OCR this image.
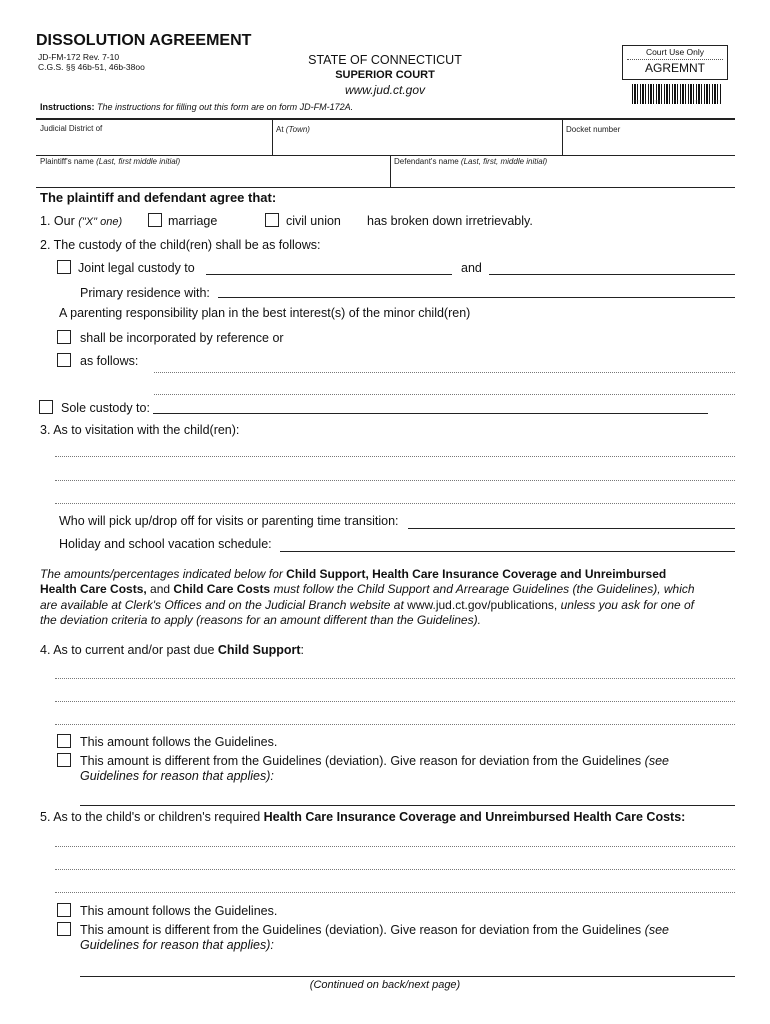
DISSOLUTION AGREEMENT
JD-FM-172 Rev. 7-10
C.G.S. §§ 46b-51, 46b-38oo	STATE OF CONNECTICUT
SUPERIOR COURT
www.jud.ct.gov
Court Use Only
AGREMNT
Instructions: The instructions for filling out this form are on form JD-FM-172A.
Judicial District of	At (Town)	Docket number
Plaintiff's name (Last, first middle initial)	Defendant's name (Last, first, middle initial)
The plaintiff and defendant agree that:
1. Our ("X" one)	marriage	civil union has broken down irretrievably.
2. The custody of the child(ren) shall be as follows:
Joint legal custody to	and
Primary residence with:
A parenting responsibility plan in the best interest(s) of the minor child(ren)
shall be incorporated by reference or
as follows:
Sole custody to:
3. As to visitation with the child(ren):
Who will pick up/drop off for visits or parenting time transition:
Holiday and school vacation schedule:
The amounts/percentages indicated below for Child Support, Health Care Insurance Coverage and Unreimbursed
Health Care Costs, and Child Care Costs must follow the Child Support and Arrearage Guidelines (the Guidelines), which
are available at Clerk's Offices and on the Judicial Branch website at www.jud.ct.gov/publications, unless you ask for one of
the deviation criteria to apply (reasons for an amount different than the Guidelines).
4. As to current and/or past due Child Support:
This amount follows the Guidelines.
This amount is different from the Guidelines (deviation). Give reason for deviation from the Guidelines (see
Guidelines for reason that applies):
5. As to the child's or children's required Health Care Insurance Coverage and Unreimbursed Health Care Costs:
This amount follows the Guidelines.
This amount is different from the Guidelines (deviation). Give reason for deviation from the Guidelines (see
Guidelines for reason that applies):
(Continued on back/next page)
